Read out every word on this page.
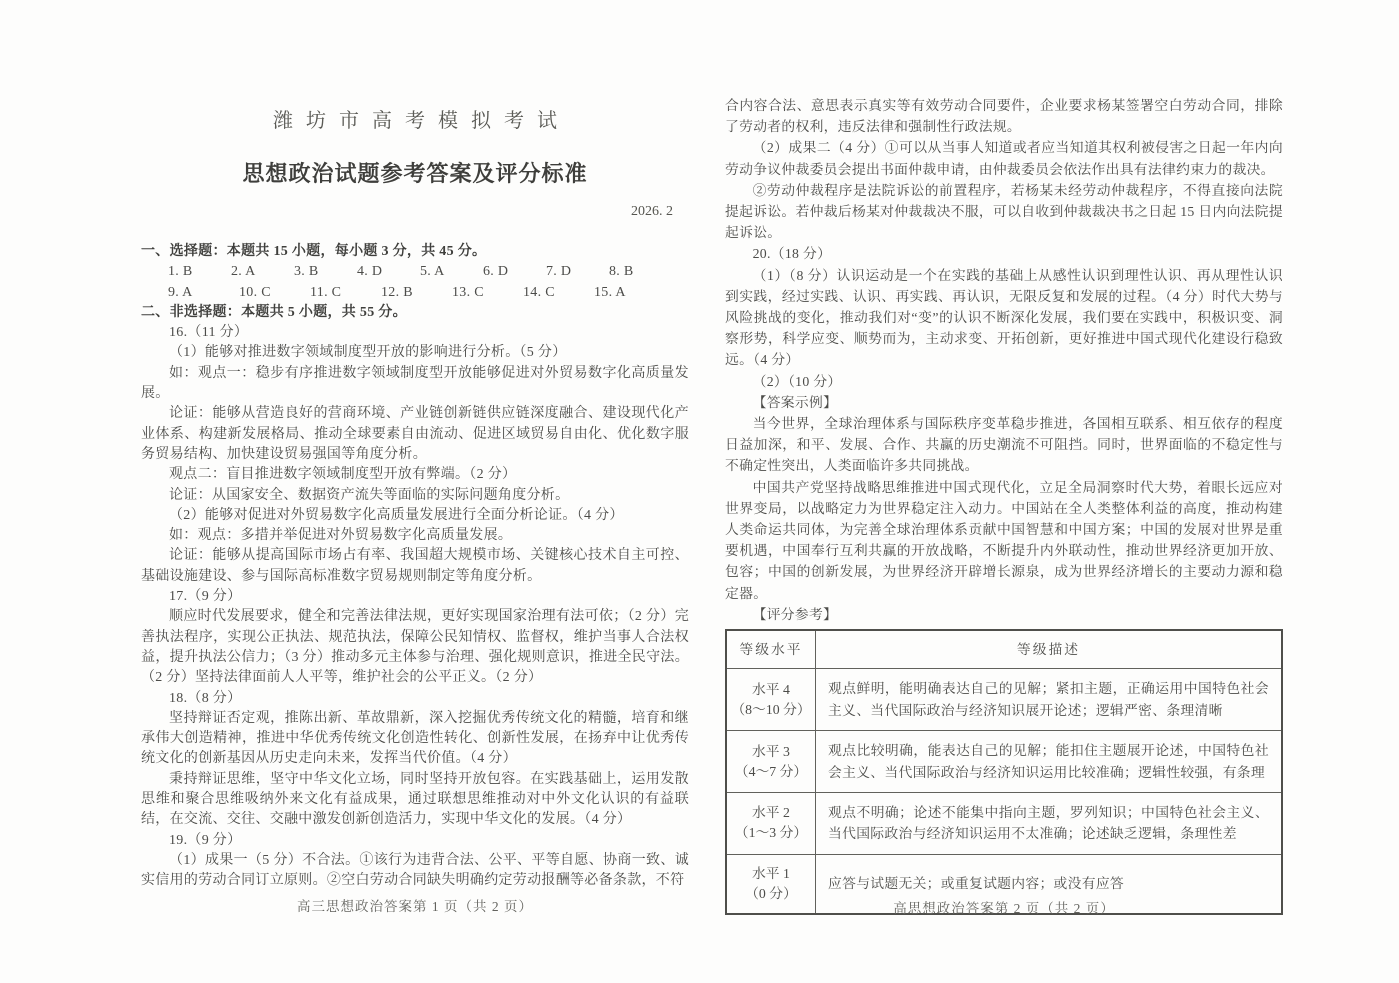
潍坊市高考模拟考试
思想政治试题参考答案及评分标准
2026. 2

一、选择题：本题共 15 小题，每小题 3 分，共 45 分。

1. B	2. A	3. B	4. D	5. A	6. D	7. D	8. B
9. A	10. C	11. C	12. B	13. C	14. C	15. A

二、非选择题：本题共 5 小题，共 55 分。

16.（11 分）

（1）能够对推进数字领域制度型开放的影响进行分析。（5 分）

如：观点一：稳步有序推进数字领域制度型开放能够促进对外贸易数字化高质量发展。

论证：能够从营造良好的营商环境、产业链创新链供应链深度融合、建设现代化产业体系、构建新发展格局、推动全球要素自由流动、促进区域贸易自由化、优化数字服务贸易结构、加快建设贸易强国等角度分析。

观点二：盲目推进数字领域制度型开放有弊端。（2 分）

论证：从国家安全、数据资产流失等面临的实际问题角度分析。

（2）能够对促进对外贸易数字化高质量发展进行全面分析论证。（4 分）

如：观点：多措并举促进对外贸易数字化高质量发展。

论证：能够从提高国际市场占有率、我国超大规模市场、关键核心技术自主可控、基础设施建设、参与国际高标准数字贸易规则制定等角度分析。

17.（9 分）

顺应时代发展要求，健全和完善法律法规，更好实现国家治理有法可依；（2 分）完善执法程序，实现公正执法、规范执法，保障公民知情权、监督权，维护当事人合法权益，提升执法公信力；（3 分）推动多元主体参与治理、强化规则意识，推进全民守法。（2 分）坚持法律面前人人平等，维护社会的公平正义。（2 分）

18.（8 分）

坚持辩证否定观，推陈出新、革故鼎新，深入挖掘优秀传统文化的精髓，培育和继承伟大创造精神，推进中华优秀传统文化创造性转化、创新性发展，在扬弃中让优秀传统文化的创新基因从历史走向未来，发挥当代价值。（4 分）

秉持辩证思维，坚守中华文化立场，同时坚持开放包容。在实践基础上，运用发散思维和聚合思维吸纳外来文化有益成果，通过联想思维推动对中外文化认识的有益联结，在交流、交往、交融中激发创新创造活力，实现中华文化的发展。（4 分）

19.（9 分）

（1）成果一（5 分）不合法。①该行为违背合法、公平、平等自愿、协商一致、诚实信用的劳动合同订立原则。②空白劳动合同缺失明确约定劳动报酬等必备条款，不符

高三思想政治答案第 1 页（共 2 页）

合内容合法、意思表示真实等有效劳动合同要件，企业要求杨某签署空白劳动合同，排除了劳动者的权利，违反法律和强制性行政法规。

（2）成果二（4 分）①可以从当事人知道或者应当知道其权利被侵害之日起一年内向劳动争议仲裁委员会提出书面仲裁申请，由仲裁委员会依法作出具有法律约束力的裁决。

②劳动仲裁程序是法院诉讼的前置程序，若杨某未经劳动仲裁程序，不得直接向法院提起诉讼。若仲裁后杨某对仲裁裁决不服，可以自收到仲裁裁决书之日起 15 日内向法院提起诉讼。

20.（18 分）

（1）（8 分）认识运动是一个在实践的基础上从感性认识到理性认识、再从理性认识到实践，经过实践、认识、再实践、再认识，无限反复和发展的过程。（4 分）时代大势与风险挑战的变化，推动我们对“变”的认识不断深化发展，我们要在实践中，积极识变、洞察形势，科学应变、顺势而为，主动求变、开拓创新，更好推进中国式现代化建设行稳致远。（4 分）

（2）（10 分）

【答案示例】

当今世界，全球治理体系与国际秩序变革稳步推进，各国相互联系、相互依存的程度日益加深，和平、发展、合作、共赢的历史潮流不可阻挡。同时，世界面临的不稳定性与不确定性突出，人类面临许多共同挑战。

中国共产党坚持战略思维推进中国式现代化，立足全局洞察时代大势，着眼长远应对世界变局，以战略定力为世界稳定注入动力。中国站在全人类整体利益的高度，推动构建人类命运共同体，为完善全球治理体系贡献中国智慧和中国方案；中国的发展对世界是重要机遇，中国奉行互利共赢的开放战略，不断提升内外联动性，推动世界经济更加开放、包容；中国的创新发展，为世界经济开辟增长源泉，成为世界经济增长的主要动力源和稳定器。

【评分参考】

等级水平	等级描述

水平 4
（8～10 分）	观点鲜明，能明确表达自己的见解；紧扣主题，正确运用中国特色社会主义、当代国际政治与经济知识展开论述；逻辑严密、条理清晰

水平 3
（4～7 分）	观点比较明确，能表达自己的见解；能扣住主题展开论述，中国特色社会主义、当代国际政治与经济知识运用比较准确；逻辑性较强，有条理

水平 2
（1～3 分）	观点不明确；论述不能集中指向主题，罗列知识；中国特色社会主义、当代国际政治与经济知识运用不太准确；论述缺乏逻辑，条理性差

水平 1
（0 分）	应答与试题无关；或重复试题内容；或没有应答
高思想政治答案第 2 页（共 2 页）
